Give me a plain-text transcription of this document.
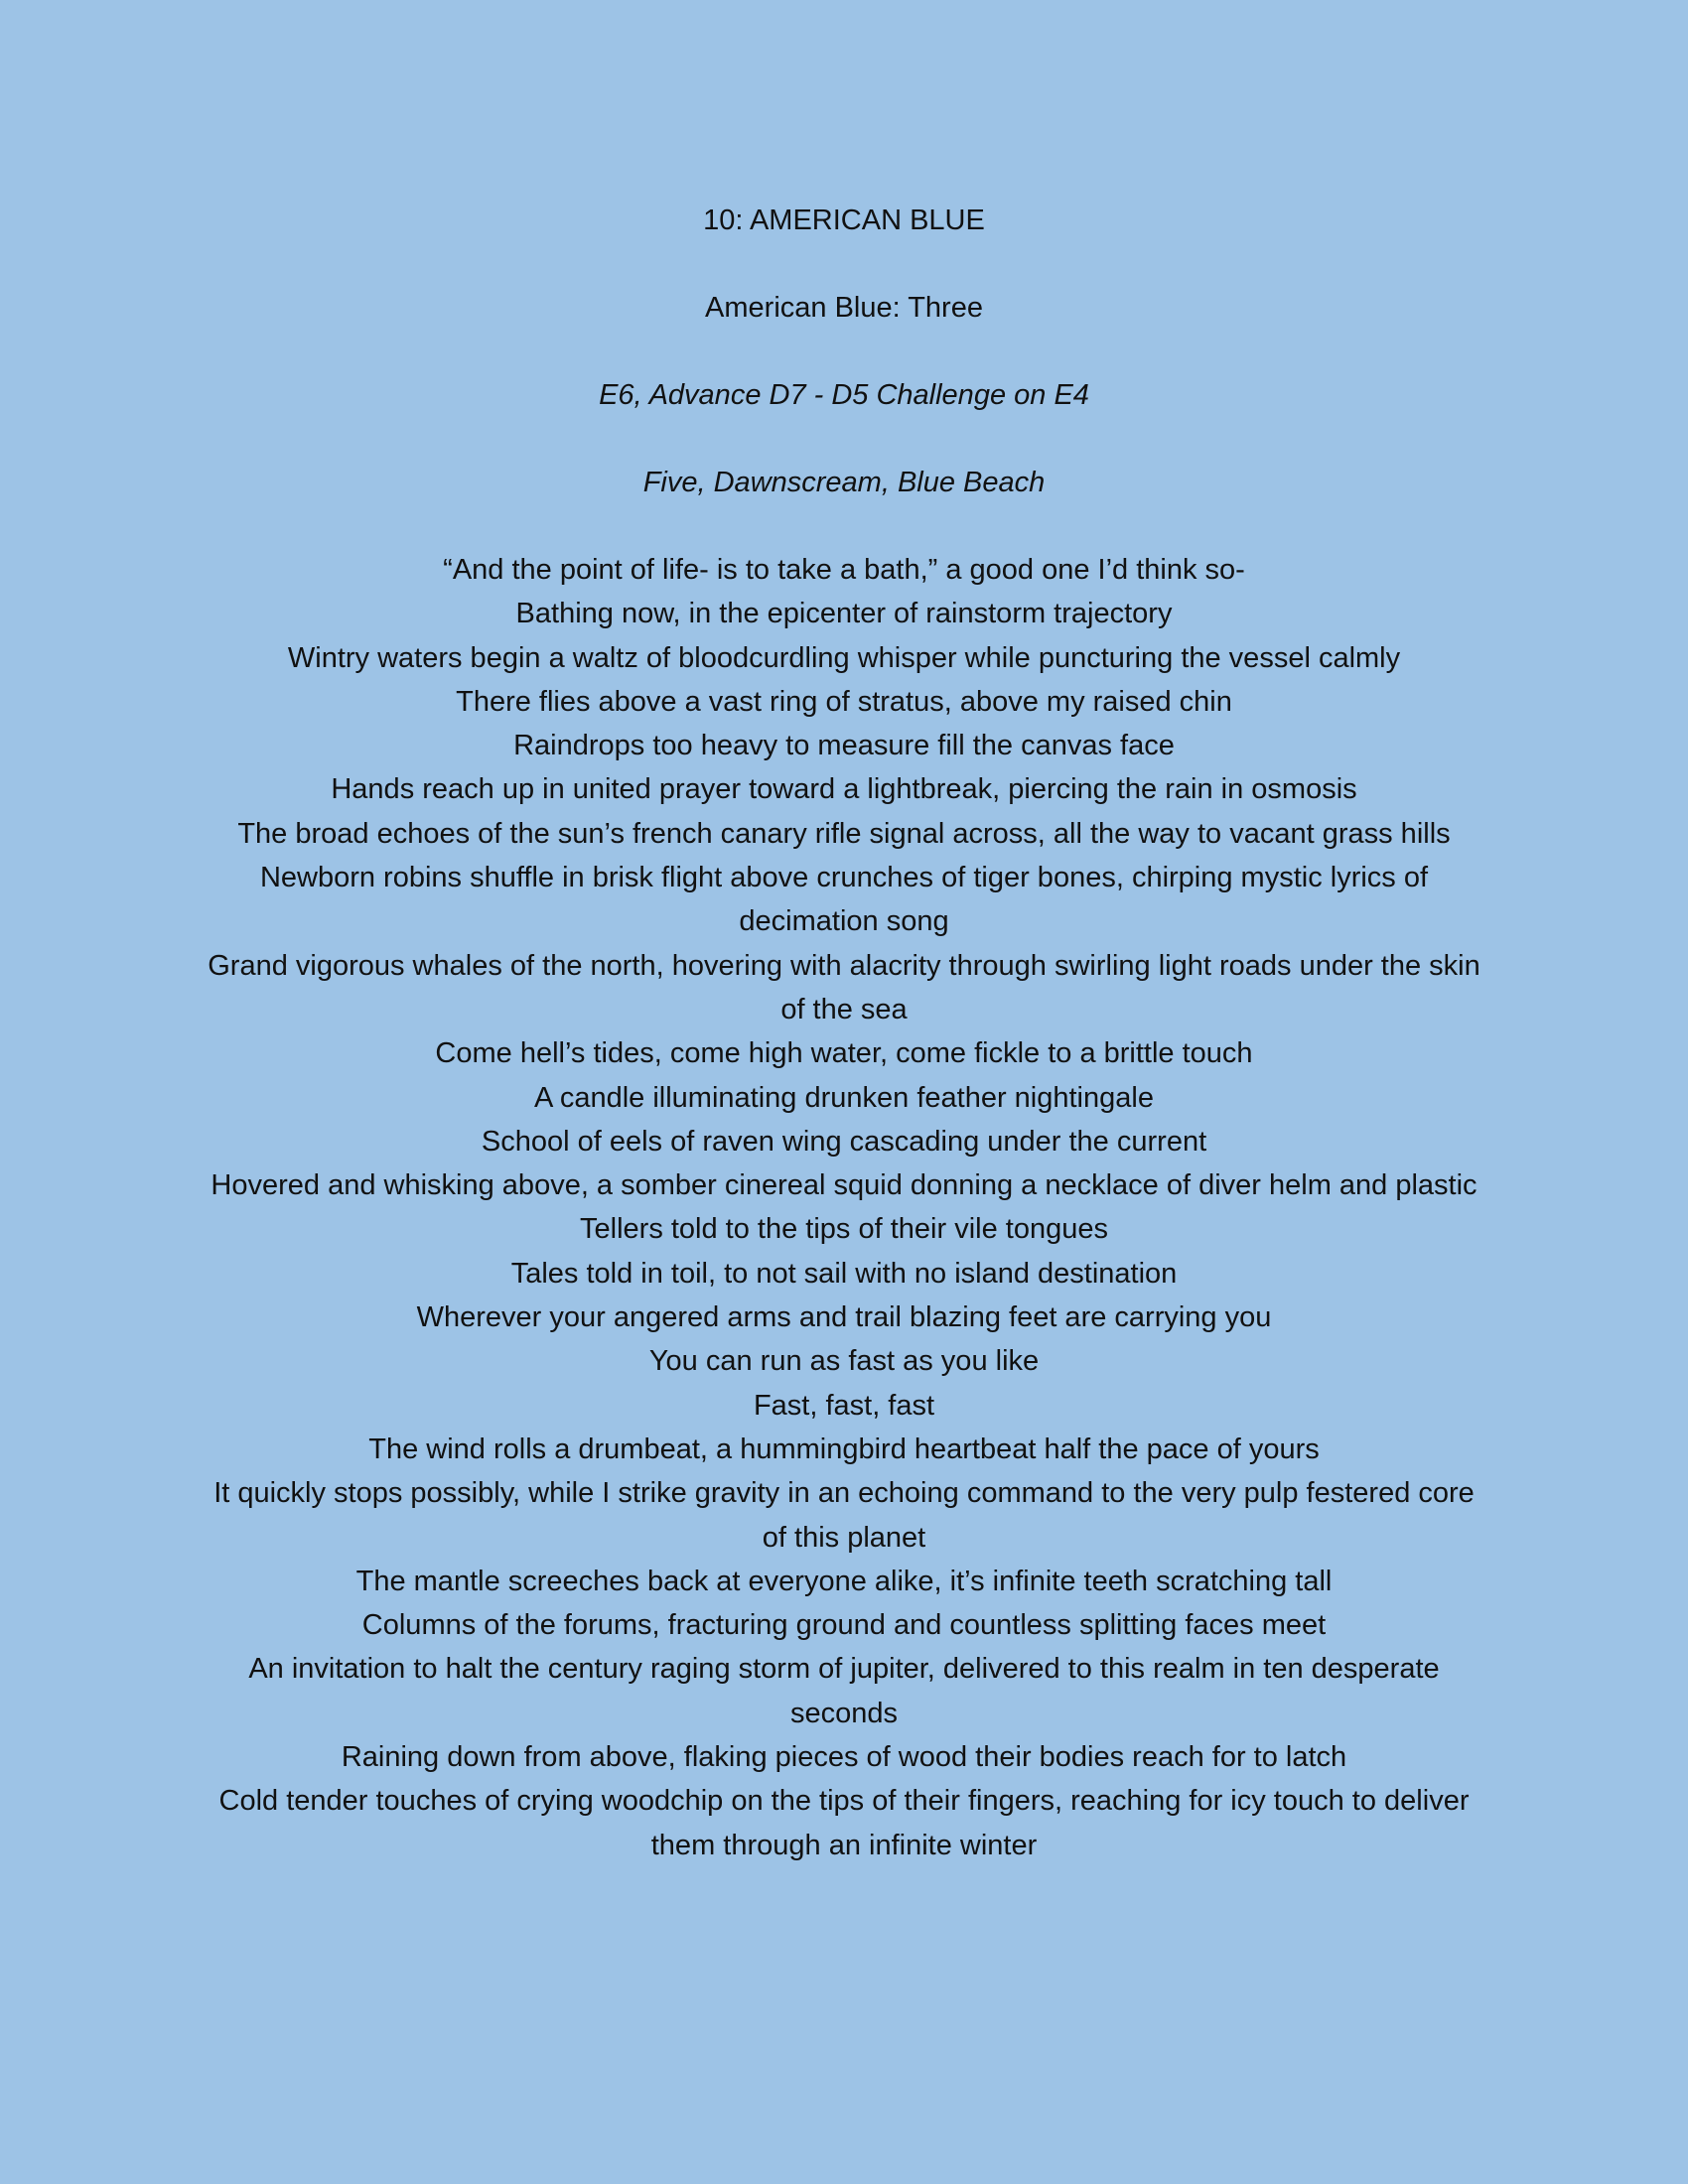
10: AMERICAN BLUE
American Blue: Three

E6, Advance D7 - D5 Challenge on E4

Five, Dawnscream, Blue Beach

“And the point of life- is to take a bath,” a good one I’d think so-

Bathing now, in the epicenter of rainstorm trajectory

Wintry waters begin a waltz of bloodcurdling whisper while puncturing the vessel calmly

There flies above a vast ring of stratus, above my raised chin

Raindrops too heavy to measure fill the canvas face

Hands reach up in united prayer toward a lightbreak, piercing the rain in osmosis

The broad echoes of the sun’s french canary rifle signal across, all the way to vacant grass hills

Newborn robins shuffle in brisk flight above crunches of tiger bones, chirping mystic lyrics of decimation song

Grand vigorous whales of the north, hovering with alacrity through swirling light roads under the skin of the sea

Come hell’s tides, come high water, come fickle to a brittle touch

A candle illuminating drunken feather nightingale

School of eels of raven wing cascading under the current

Hovered and whisking above, a somber cinereal squid donning a necklace of diver helm and plastic

Tellers told to the tips of their vile tongues

Tales told in toil, to not sail with no island destination

Wherever your angered arms and trail blazing feet are carrying you

You can run as fast as you like

Fast, fast, fast

The wind rolls a drumbeat, a hummingbird heartbeat half the pace of yours

It quickly stops possibly, while I strike gravity in an echoing command to the very pulp festered core of this planet

The mantle screeches back at everyone alike, it’s infinite teeth scratching tall

Columns of the forums, fracturing ground and countless splitting faces meet

An invitation to halt the century raging storm of jupiter, delivered to this realm in ten desperate seconds

Raining down from above, flaking pieces of wood their bodies reach for to latch

Cold tender touches of crying woodchip on the tips of their fingers, reaching for icy touch to deliver them through an infinite winter
